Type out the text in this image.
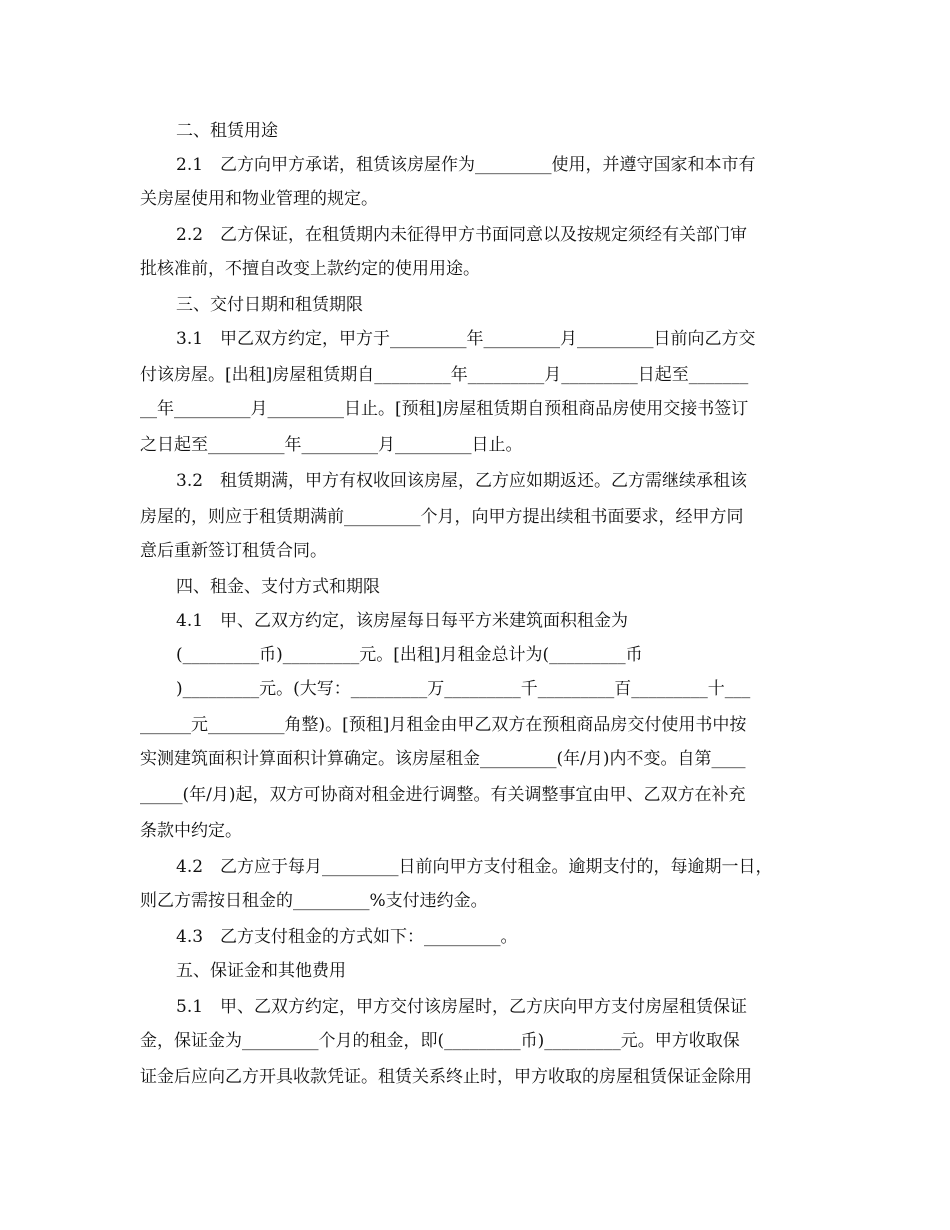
二、租赁用途
2.1　乙方向甲方承诺，租赁该房屋作为_________使用，并遵守国家和本市有
关房屋使用和物业管理的规定。
2.2　乙方保证，在租赁期内未征得甲方书面同意以及按规定须经有关部门审
批核准前，不擅自改变上款约定的使用用途。
三、交付日期和租赁期限
3.1　甲乙双方约定，甲方于_________年_________月_________日前向乙方交
付该房屋。[出租]房屋租赁期自_________年_________月_________日起至_______
__年_________月_________日止。[预租]房屋租赁期自预租商品房使用交接书签订
之日起至_________年_________月_________日止。
3.2　租赁期满，甲方有权收回该房屋，乙方应如期返还。乙方需继续承租该
房屋的，则应于租赁期满前_________个月，向甲方提出续租书面要求，经甲方同
意后重新签订租赁合同。
四、租金、支付方式和期限
4.1　甲、乙双方约定，该房屋每日每平方米建筑面积租金为
(_________币)_________元。[出租]月租金总计为(_________币
)_________元。(大写：_________万_________千_________百_________十___
______元_________角整)。[预租]月租金由甲乙双方在预租商品房交付使用书中按
实测建筑面积计算面积计算确定。该房屋租金_________(年/月)内不变。自第____
_____(年/月)起，双方可协商对租金进行调整。有关调整事宜由甲、乙双方在补充
条款中约定。
4.2　乙方应于每月_________日前向甲方支付租金。逾期支付的，每逾期一日，
则乙方需按日租金的_________%支付违约金。
4.3　乙方支付租金的方式如下：_________。
五、保证金和其他费用
5.1　甲、乙双方约定，甲方交付该房屋时，乙方庆向甲方支付房屋租赁保证
金，保证金为_________个月的租金，即(_________币)_________元。甲方收取保
证金后应向乙方开具收款凭证。租赁关系终止时，甲方收取的房屋租赁保证金除用
